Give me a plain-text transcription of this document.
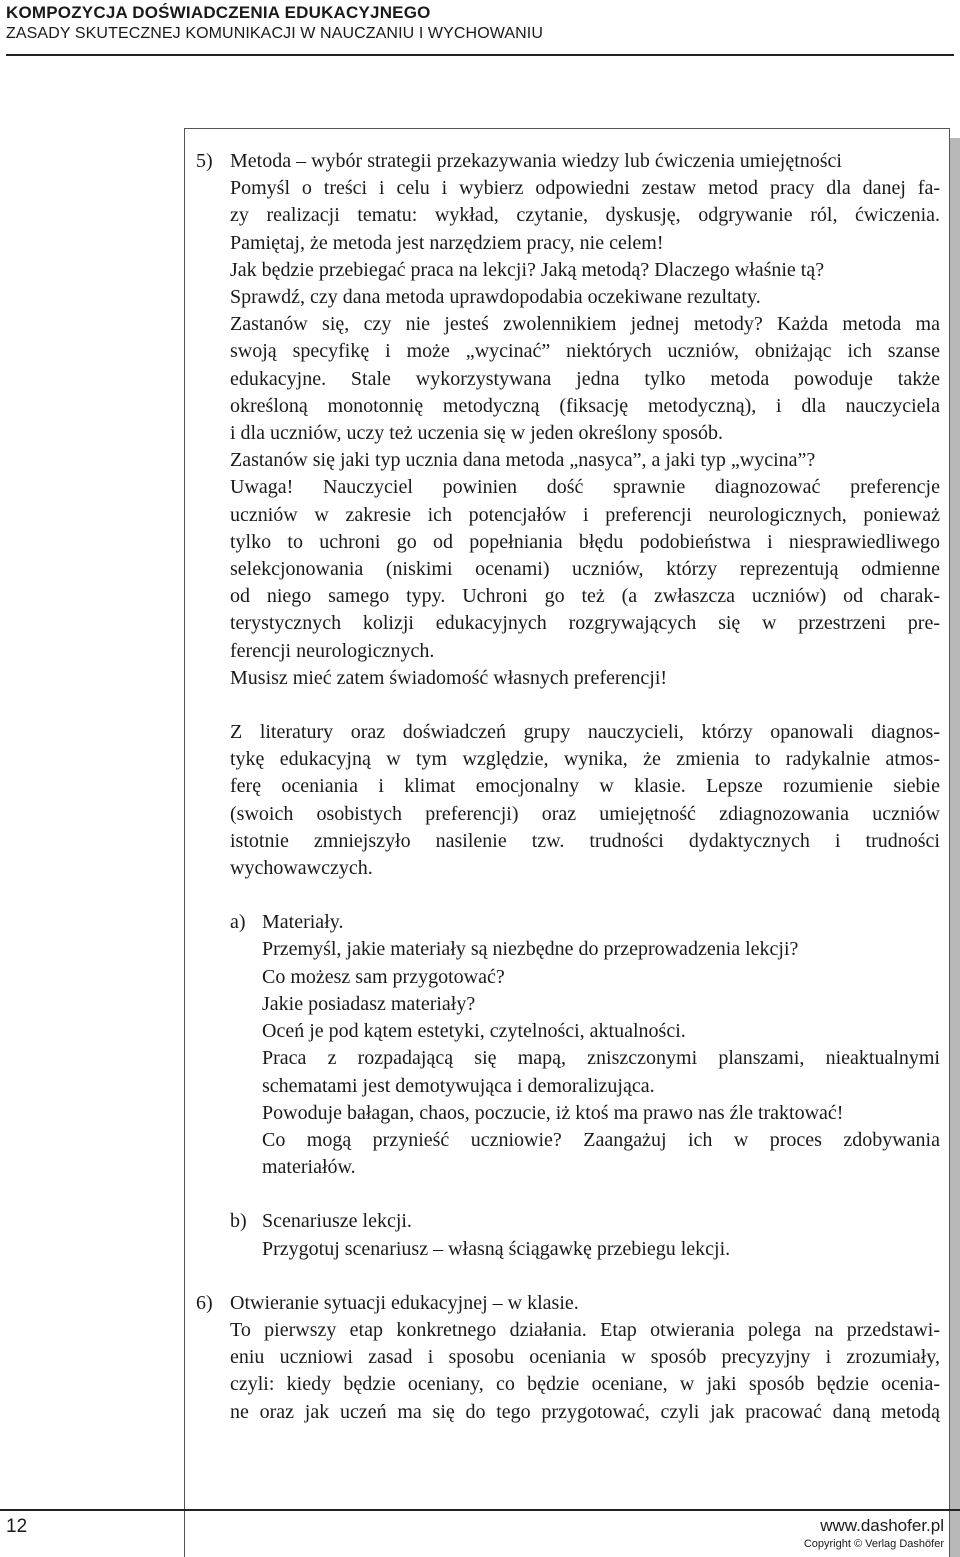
KOMPOZYCJA DOŚWIADCZENIA EDUKACYJNEGO
ZASADY SKUTECZNEJ KOMUNIKACJI W NAUCZANIU I WYCHOWANIU
5) Metoda – wybór strategii przekazywania wiedzy lub ćwiczenia umiejętności

Pomyśl o treści i celu i wybierz odpowiedni zestaw metod pracy dla danej fa-

zy realizacji tematu: wykład, czytanie, dyskusję, odgrywanie ról, ćwiczenia.

Pamiętaj, że metoda jest narzędziem pracy, nie celem!

Jak będzie przebiegać praca na lekcji? Jaką metodą? Dlaczego właśnie tą?

Sprawdź, czy dana metoda uprawdopodabia oczekiwane rezultaty.

Zastanów się, czy nie jesteś zwolennikiem jednej metody? Każda metoda ma

swoją specyfikę i może „wycinać” niektórych uczniów, obniżając ich szanse

edukacyjne. Stale wykorzystywana jedna tylko metoda powoduje także

określoną monotonnię metodyczną (fiksację metodyczną), i dla nauczyciela

i dla uczniów, uczy też uczenia się w jeden określony sposób.

Zastanów się jaki typ ucznia dana metoda „nasyca”, a jaki typ „wycina”?

Uwaga! Nauczyciel powinien dość sprawnie diagnozować preferencje

uczniów w zakresie ich potencjałów i preferencji neurologicznych, ponieważ

tylko to uchroni go od popełniania błędu podobieństwa i niesprawiedliwego

selekcjonowania (niskimi ocenami) uczniów, którzy reprezentują odmienne

od niego samego typy. Uchroni go też (a zwłaszcza uczniów) od charak-

terystycznych kolizji edukacyjnych rozgrywających się w przestrzeni pre-

ferencji neurologicznych.

Musisz mieć zatem świadomość własnych preferencji!

Z literatury oraz doświadczeń grupy nauczycieli, którzy opanowali diagnos-

tykę edukacyjną w tym względzie, wynika, że zmienia to radykalnie atmos-

ferę oceniania i klimat emocjonalny w klasie. Lepsze rozumienie siebie

(swoich osobistych preferencji) oraz umiejętność zdiagnozowania uczniów

istotnie zmniejszyło nasilenie tzw. trudności dydaktycznych i trudności

wychowawczych.

a) Materiały.

Przemyśl, jakie materiały są niezbędne do przeprowadzenia lekcji?

Co możesz sam przygotować?

Jakie posiadasz materiały?

Oceń je pod kątem estetyki, czytelności, aktualności.

Praca z rozpadającą się mapą, zniszczonymi planszami, nieaktualnymi

schematami jest demotywująca i demoralizująca.

Powoduje bałagan, chaos, poczucie, iż ktoś ma prawo nas źle traktować!

Co mogą przynieść uczniowie? Zaangażuj ich w proces zdobywania

materiałów.

b) Scenariusze lekcji.

Przygotuj scenariusz – własną ściągawkę przebiegu lekcji.

6) Otwieranie sytuacji edukacyjnej – w klasie.

To pierwszy etap konkretnego działania. Etap otwierania polega na przedstawi-

eniu uczniowi zasad i sposobu oceniania w sposób precyzyjny i zrozumiały,

czyli: kiedy będzie oceniany, co będzie oceniane, w jaki sposób będzie ocenia-

ne oraz jak uczeń ma się do tego przygotować, czyli jak pracować daną metodą

12	www.dashofer.pl
Copyright © Verlag Dashöfer
